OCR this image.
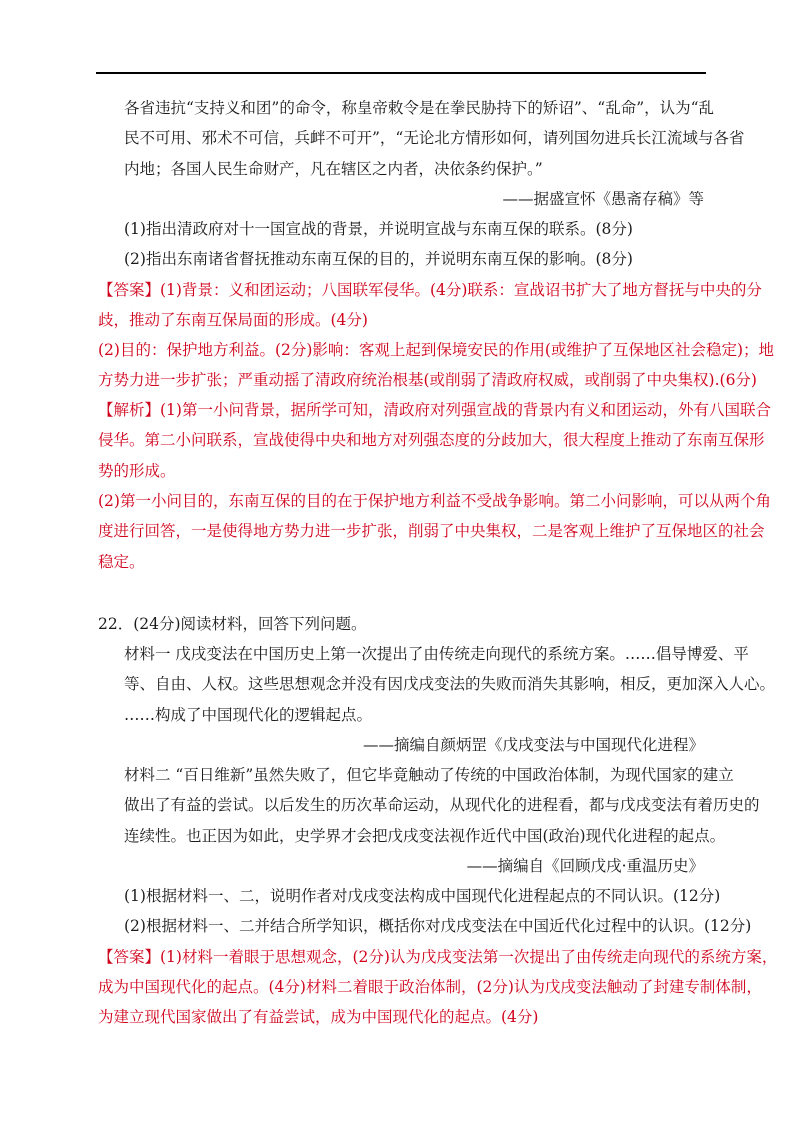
各省违抗“支持义和团”的命令，称皇帝敕令是在拳民胁持下的矫诏”、“乱命”，认为“乱
民不可用、邪术不可信，兵衅不可开”，“无论北方情形如何，请列国勿进兵长江流域与各省
内地；各国人民生命财产，凡在辖区之内者，决依条约保护。”
——据盛宣怀《愚斋存稿》等
(1)指出清政府对十一国宣战的背景，并说明宣战与东南互保的联系。(8分)
(2)指出东南诸省督抚推动东南互保的目的，并说明东南互保的影响。(8分)
【答案】(1)背景：义和团运动；八国联军侵华。(4分)联系：宣战诏书扩大了地方督抚与中央的分
歧，推动了东南互保局面的形成。(4分)
(2)目的：保护地方利益。(2分)影响：客观上起到保境安民的作用(或维护了互保地区社会稳定)；地
方势力进一步扩张；严重动摇了清政府统治根基(或削弱了清政府权威，或削弱了中央集权).(6分)
【解析】(1)第一小问背景，据所学可知，清政府对列强宣战的背景内有义和团运动，外有八国联合
侵华。第二小问联系，宣战使得中央和地方对列强态度的分歧加大，很大程度上推动了东南互保形
势的形成。
(2)第一小问目的，东南互保的目的在于保护地方利益不受战争影响。第二小问影响，可以从两个角
度进行回答，一是使得地方势力进一步扩张，削弱了中央集权，二是客观上维护了互保地区的社会
稳定。
22．(24分)阅读材料，回答下列问题。
材料一 戊戌变法在中国历史上第一次提出了由传统走向现代的系统方案。……倡导博爱、平
等、自由、人权。这些思想观念并没有因戊戌变法的失败而消失其影响，相反，更加深入人心。
……构成了中国现代化的逻辑起点。
——摘编自颜炳罡《戊戌变法与中国现代化进程》
材料二 “百日维新”虽然失败了，但它毕竟触动了传统的中国政治体制，为现代国家的建立
做出了有益的尝试。以后发生的历次革命运动，从现代化的进程看，都与戊戌变法有着历史的
连续性。也正因为如此，史学界才会把戊戌变法视作近代中国(政治)现代化进程的起点。
——摘编自《回顾戊戌·重温历史》
(1)根据材料一、二，说明作者对戊戌变法构成中国现代化进程起点的不同认识。(12分)
(2)根据材料一、二并结合所学知识，概括你对戊戌变法在中国近代化过程中的认识。(12分)
【答案】(1)材料一着眼于思想观念，(2分)认为戊戌变法第一次提出了由传统走向现代的系统方案，
成为中国现代化的起点。(4分)材料二着眼于政治体制，(2分)认为戊戌变法触动了封建专制体制，
为建立现代国家做出了有益尝试，成为中国现代化的起点。(4分)
